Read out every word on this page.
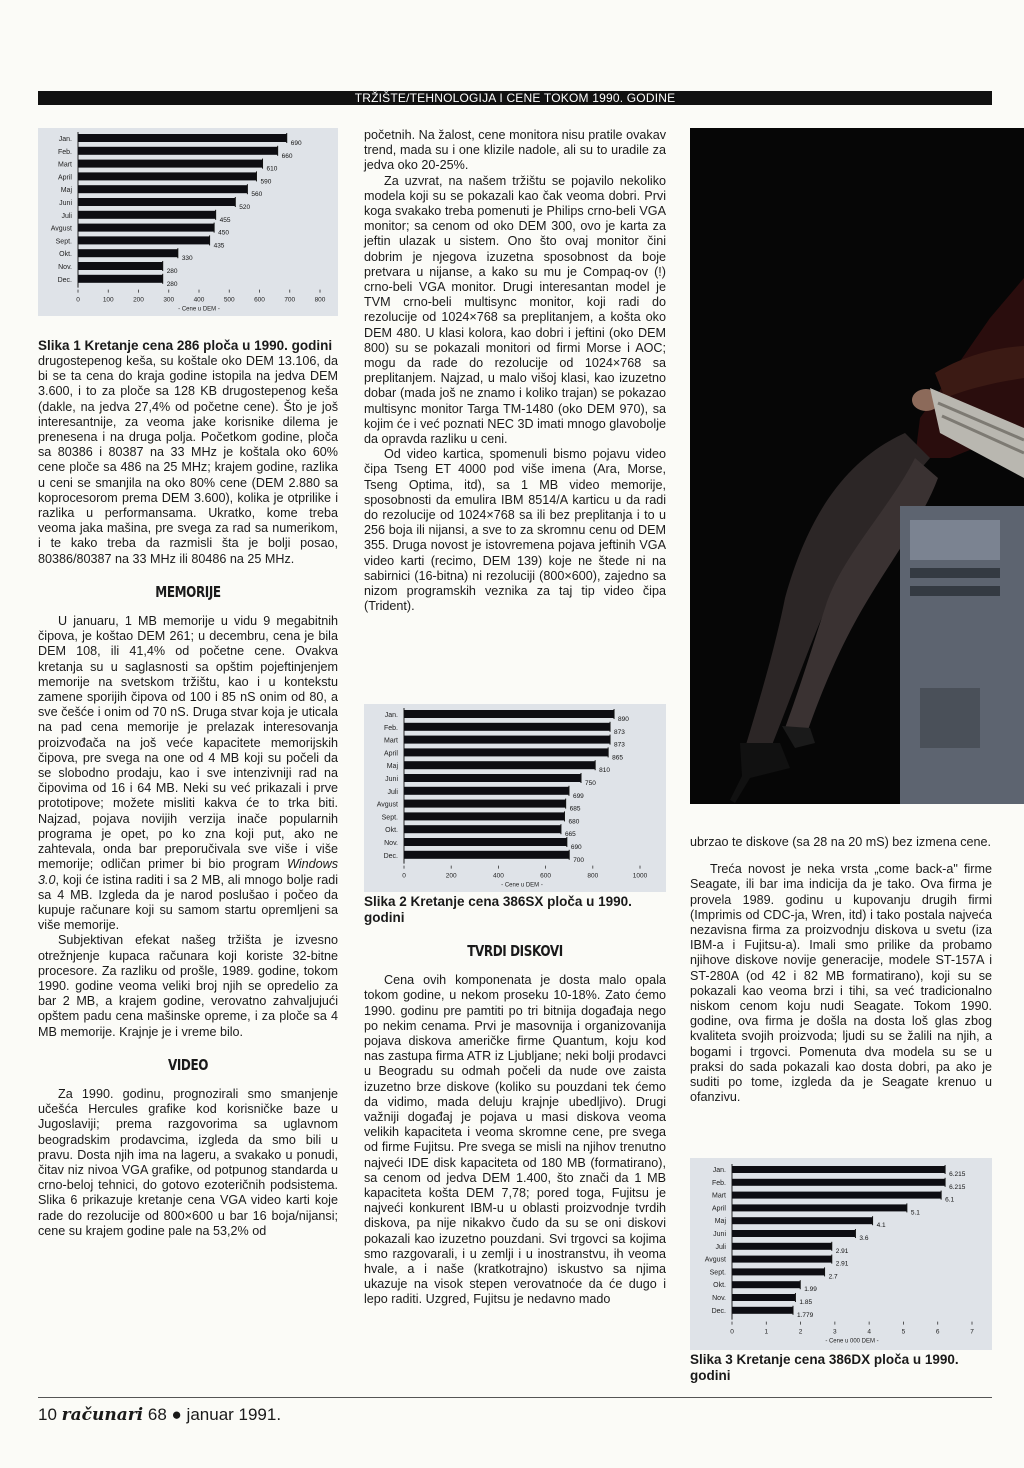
TRŽIŠTE/TEHNOLOGIJA I CENE TOKOM 1990. GODINE
Jan.
690
Feb.
660
Mart
610
April
590
Maj
560
Juni
520
Juli
455
Avgust
450
Sept.
435
Okt.
330
Nov.
280
Dec.
280
0	100	200	300	400	500	600	700	800
- Cene u DEM -

Slika 1 Kretanje cena 286 ploča u 1990. godini

drugostepenog keša, su koštale oko DEM 13.106, da bi se ta cena do kraja godine istopila na jedva DEM 3.600, i to za ploče sa 128 KB drugostepenog keša (dakle, na jedva 27,4% od početne cene). Što je još interesantnije, za veoma jake korisnike dilema je prenesena i na druga polja. Početkom godine, ploča sa 80386 i 80387 na 33 MHz je koštala oko 60% cene ploče sa 486 na 25 MHz; krajem godine, razlika u ceni se smanjila na oko 80% cene (DEM 2.880 sa koprocesorom prema DEM 3.600), kolika je otprilike i razlika u performansama. Ukratko, kome treba veoma jaka mašina, pre svega za rad sa numerikom, i te kako treba da razmisli šta je bolji posao, 80386/80387 na 33 MHz ili 80486 na 25 MHz.

MEMORIJE

U januaru, 1 MB memorije u vidu 9 megabitnih čipova, je koštao DEM 261; u decembru, cena je bila DEM 108, ili 41,4% od početne cene. Ovakva kretanja su u saglasnosti sa opštim pojeftinjenjem memorije na svetskom tržištu, kao i u kontekstu zamene sporijih čipova od 100 i 85 nS onim od 80, a sve češće i onim od 70 nS. Druga stvar koja je uticala na pad cena memorije je prelazak interesovanja proizvođača na još veće kapacitete memorijskih čipova, pre svega na one od 4 MB koji su počeli da se slobodno prodaju, kao i sve intenzivniji rad na čipovima od 16 i 64 MB. Neki su već prikazali i prve prototipove; možete misliti kakva će to trka biti. Najzad, pojava novijih verzija inače popularnih programa je opet, po ko zna koji put, ako ne zahtevala, onda bar preporučivala sve više i više memorije; odličan primer bi bio program Windows 3.0, koji će istina raditi i sa 2 MB, ali mnogo bolje radi sa 4 MB. Izgleda da je narod poslušao i počeo da kupuje računare koji su samom startu opremljeni sa više memorije.

Subjektivan efekat našeg tržišta je izvesno otrežnjenje kupaca računara koji koriste 32-bitne procesore. Za razliku od prošle, 1989. godine, tokom 1990. godine veoma veliki broj njih se opredelio za bar 2 MB, a krajem godine, verovatno zahvaljujući opštem padu cena mašinske opreme, i za ploče sa 4 MB memorije. Krajnje je i vreme bilo.

VIDEO

Za 1990. godinu, prognozirali smo smanjenje učešća Hercules grafike kod korisničke baze u Jugoslaviji; prema razgovorima sa uglavnom beogradskim prodavcima, izgleda da smo bili u pravu. Dosta njih ima na lageru, a svakako u ponudi, čitav niz nivoa VGA grafike, od potpunog standarda u crno-beloj tehnici, do gotovo ezoteričnih podsistema. Slika 6 prikazuje kretanje cena VGA video karti koje rade do rezolucije od 800×600 u bar 16 boja/nijansi; cene su krajem godine pale na 53,2% od

početnih. Na žalost, cene monitora nisu pratile ovakav trend, mada su i one klizile nadole, ali su to uradile za jedva oko 20-25%.

Za uzvrat, na našem tržištu se pojavilo nekoliko modela koji su se pokazali kao čak veoma dobri. Prvi koga svakako treba pomenuti je Philips crno-beli VGA monitor; sa cenom od oko DEM 300, ovo je karta za jeftin ulazak u sistem. Ono što ovaj monitor čini dobrim je njegova izuzetna sposobnost da boje pretvara u nijanse, a kako su mu je Compaq-ov (!) crno-beli VGA monitor. Drugi interesantan model je TVM crno-beli multisync monitor, koji radi do rezolucije od 1024×768 sa preplitanjem, a košta oko DEM 480. U klasi kolora, kao dobri i jeftini (oko DEM 800) su se pokazali monitori od firmi Morse i AOC; mogu da rade do rezolucije od 1024×768 sa preplitanjem. Najzad, u malo višoj klasi, kao izuzetno dobar (mada još ne znamo i koliko trajan) se pokazao multisync monitor Targa TM-1480 (oko DEM 970), sa kojim će i već poznati NEC 3D imati mnogo glavobolje da opravda razliku u ceni.

Od video kartica, spomenuli bismo pojavu video čipa Tseng ET 4000 pod više imena (Ara, Morse, Tseng Optima, itd), sa 1 MB video memorije, sposobnosti da emulira IBM 8514/A karticu u da radi do rezolucije od 1024×768 sa ili bez preplitanja i to u 256 boja ili nijansi, a sve to za skromnu cenu od DEM 355. Druga novost je istovremena pojava jeftinih VGA video karti (recimo, DEM 139) koje ne štede ni na sabirnici (16-bitna) ni rezoluciji (800×600), zajedno sa nizom programskih veznika za taj tip video čipa (Trident).

Jan.
890
Feb.
873
Mart
873
April
865
Maj
810
Juni
750
Juli
699
Avgust
685
Sept.
680
Okt.
665
Nov.
690
Dec.
700
0	200	400	600	800	1000
- Cene u DEM -

Slika 2 Kretanje cena 386SX ploča u 1990. godini

TVRDI DISKOVI

Cena ovih komponenata je dosta malo opala tokom godine, u nekom proseku 10-18%. Zato ćemo 1990. godinu pre pamtiti po tri bitnija događaja nego po nekim cenama. Prvi je masovnija i organizovanija pojava diskova američke firme Quantum, koju kod nas zastupa firma ATR iz Ljubljane; neki bolji prodavci u Beogradu su odmah počeli da nude ove zaista izuzetno brze diskove (koliko su pouzdani tek ćemo da vidimo, mada deluju krajnje ubedljivo). Drugi važniji događaj je pojava u masi diskova veoma velikih kapaciteta i veoma skromne cene, pre svega od firme Fujitsu. Pre svega se misli na njihov trenutno najveći IDE disk kapaciteta od 180 MB (formatirano), sa cenom od jedva DEM 1.400, što znači da 1 MB kapaciteta košta DEM 7,78; pored toga, Fujitsu je najveći konkurent IBM-u u oblasti proizvodnje tvrdih diskova, pa nije nikakvo čudo da su se oni diskovi pokazali kao izuzetno pouzdani. Svi trgovci sa kojima smo razgovarali, i u zemlji i u inostranstvu, ih veoma hvale, a i naše (kratkotrajno) iskustvo sa njima ukazuje na visok stepen verovatnoće da će dugo i lepo raditi. Uzgred, Fujitsu je nedavno mado

ubrzao te diskove (sa 28 na 20 mS) bez izmena cene.

Treća novost je neka vrsta „come back-a" firme Seagate, ili bar ima indicija da je tako. Ova firma je provela 1989. godinu u kupovanju drugih firmi (Imprimis od CDC-ja, Wren, itd) i tako postala najveća nezavisna firma za proizvodnju diskova u svetu (iza IBM-a i Fujitsu-a). Imali smo prilike da probamo njihove diskove novije generacije, modele ST-157A i ST-280A (od 42 i 82 MB formatirano), koji su se pokazali kao veoma brzi i tihi, sa već tradicionalno niskom cenom koju nudi Seagate. Tokom 1990. godine, ova firma je došla na dosta loš glas zbog kvaliteta svojih proizvoda; ljudi su se žalili na njih, a bogami i trgovci. Pomenuta dva modela su se u praksi do sada pokazali kao dosta dobri, pa ako je suditi po tome, izgleda da je Seagate krenuo u ofanzivu.

Jan.
6.215
Feb.
6.215
Mart
6.1
April
5.1
Maj
4.1
Juni
3.6
Juli
2.91
Avgust
2.91
Sept.
2.7
Okt.
1.99
Nov.
1.85
Dec.
1.779
0	1	2	3	4	5	6	7
- Cene u 000 DEM -

Slika 3 Kretanje cena 386DX ploča u 1990. godini

10 računari 68 ● januar 1991.
